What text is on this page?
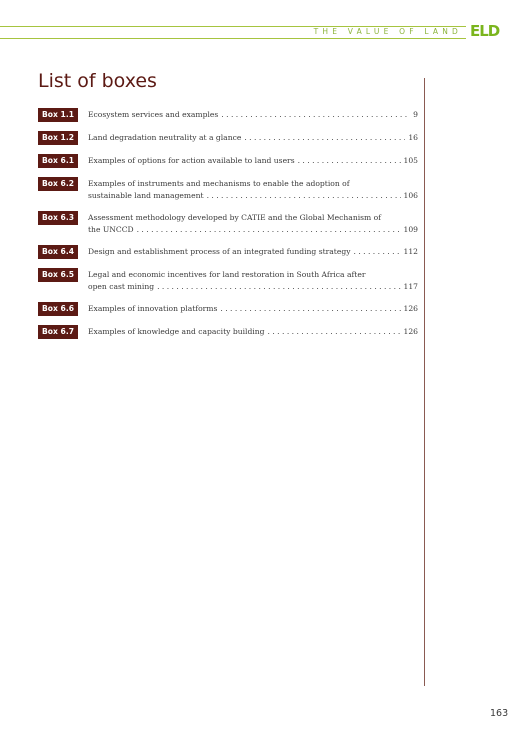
THE VALUE OF LAND ELD
List of boxes
Box 1.1	Ecosystem services and examples . . .	9
Box 1.2	Land degradation neutrality at a glance . . .	16
Box 6.1	Examples of options for action available to land users . . .	105
Box 6.2	Examples of instruments and mechanisms to enable the adoption of
sustainable land management . . .	106
Box 6.3	Assessment methodology developed by CATIE and the Global Mechanism of
the UNCCD . . .	109
Box 6.4	Design and establishment process of an integrated funding strategy . . .	112
Box 6.5	Legal and economic incentives for land restoration in South Africa after
open cast mining . . .	117
Box 6.6	Examples of innovation platforms . . .	126
Box 6.7	Examples of knowledge and capacity building . . .	126
163
